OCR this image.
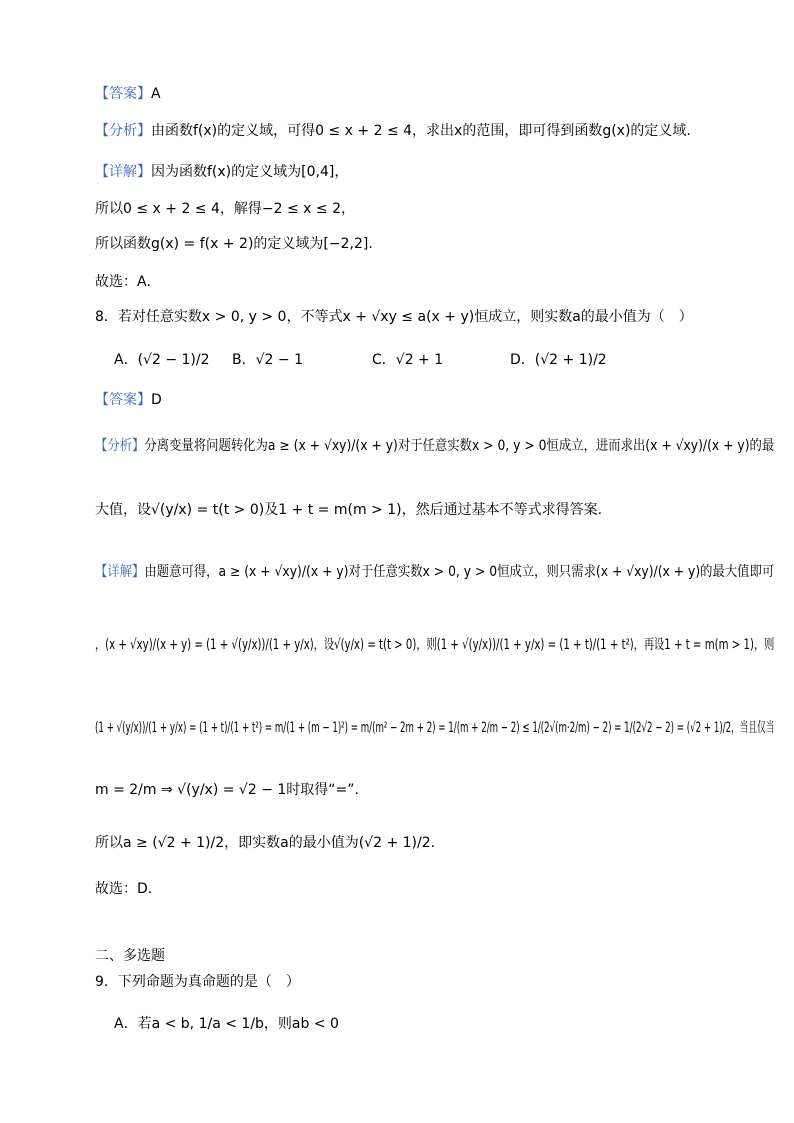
【答案】A
【分析】由函数f(x)的定义域，可得0 ≤ x + 2 ≤ 4，求出x的范围，即可得到函数g(x)的定义域.
【详解】因为函数f(x)的定义域为[0,4]，
所以0 ≤ x + 2 ≤ 4，解得−2 ≤ x ≤ 2，
所以函数g(x) = f(x + 2)的定义域为[−2,2].
故选：A.
8．若对任意实数x > 0, y > 0，不等式x + √xy ≤ a(x + y)恒成立，则实数a的最小值为（　）
A．(√2 − 1)/2 B．√2 − 1	C．√2 + 1	D．(√2 + 1)/2
【答案】D
【分析】分离变量将问题转化为a ≥ (x + √xy)/(x + y)对于任意实数x > 0, y > 0恒成立，进而求出(x + √xy)/(x + y)的最
大值，设√(y/x) = t(t > 0)及1 + t = m(m > 1)，然后通过基本不等式求得答案.
【详解】由题意可得，a ≥ (x + √xy)/(x + y)对于任意实数x > 0, y > 0恒成立，则只需求(x + √xy)/(x + y)的最大值即可
，(x + √xy)/(x + y) = (1 + √(y/x))/(1 + y/x)，设√(y/x) = t(t > 0)，则(1 + √(y/x))/(1 + y/x) = (1 + t)/(1 + t²)，再设1 + t = m(m > 1)，则
(1 + √(y/x))/(1 + y/x) = (1 + t)/(1 + t²) = m/(1 + (m − 1)²) = m/(m² − 2m + 2) = 1/(m + 2/m − 2) ≤ 1/(2√(m·2/m) − 2) = 1/(2√2 − 2) = (√2 + 1)/2，当且仅当
m = 2/m ⇒ √(y/x) = √2 − 1时取得“=”.
所以a ≥ (√2 + 1)/2，即实数a的最小值为(√2 + 1)/2.
故选：D.
二、多选题
9．下列命题为真命题的是（　）
A．若a < b, 1/a < 1/b，则ab < 0
